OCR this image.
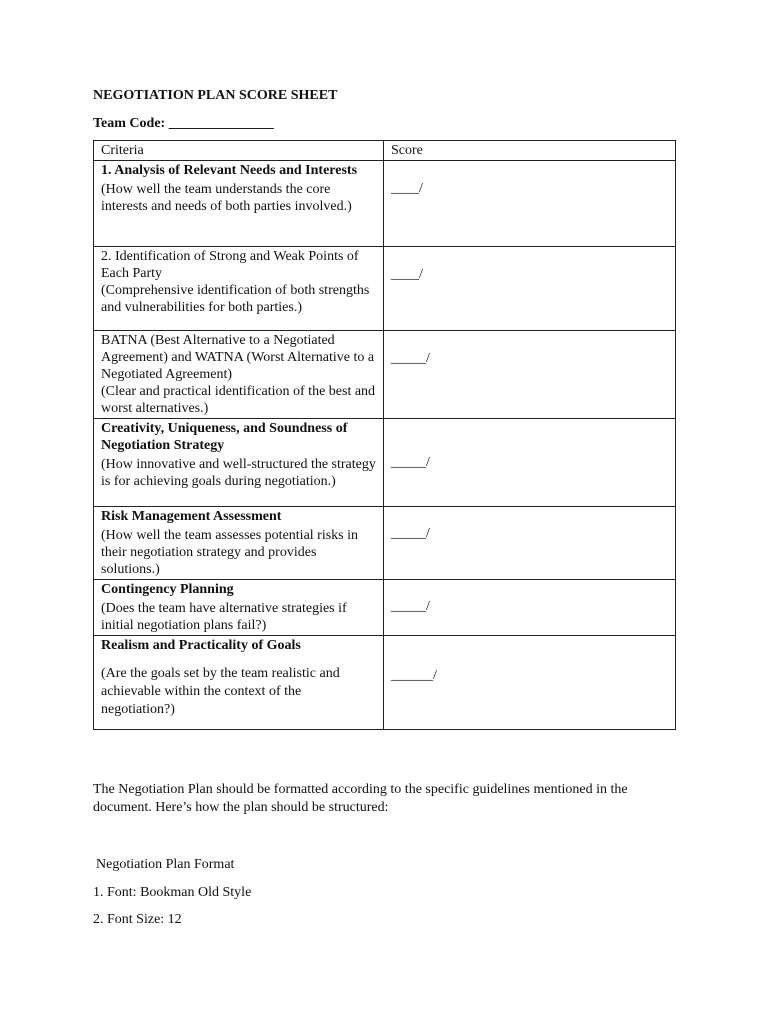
NEGOTIATION PLAN SCORE SHEET

Team Code: _______________
Criteria	Score

1. Analysis of Relevant Needs and Interests
(How well the team understands the core interests and needs of both parties involved.)	____/

2. Identification of Strong and Weak Points of Each Party
(Comprehensive identification of both strengths and vulnerabilities for both parties.)	____/

BATNA (Best Alternative to a Negotiated Agreement) and WATNA (Worst Alternative to a Negotiated Agreement)
(Clear and practical identification of the best and worst alternatives.)	_____/

Creativity, Uniqueness, and Soundness of Negotiation Strategy
(How innovative and well-structured the strategy is for achieving goals during negotiation.)	_____/

Risk Management Assessment
(How well the team assesses potential risks in their negotiation strategy and provides solutions.)	_____/

Contingency Planning
(Does the team have alternative strategies if initial negotiation plans fail?)	_____/

Realism and Practicality of Goals
(Are the goals set by the team realistic and achievable within the context of the negotiation?)	______/

The Negotiation Plan should be formatted according to the specific guidelines mentioned in the document. Here’s how the plan should be structured:

Negotiation Plan Format
1. Font: Bookman Old Style
2. Font Size: 12
